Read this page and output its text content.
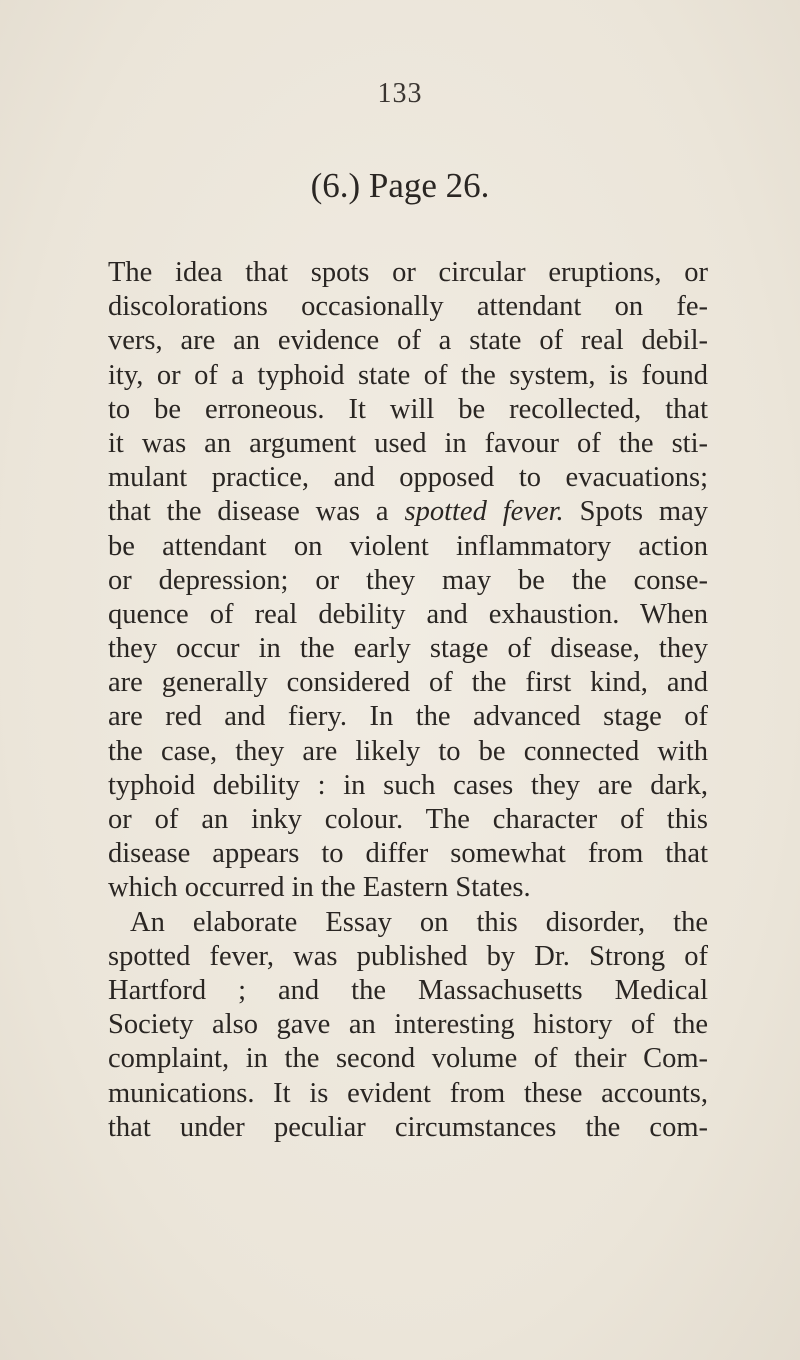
133
(6.) Page 26.
The idea that spots or circular eruptions, or
discolorations occasionally attendant on fe-
vers, are an evidence of a state of real debil-
ity, or of a typhoid state of the system, is found
to be erroneous. It will be recollected, that
it was an argument used in favour of the sti-
mulant practice, and opposed to evacuations;
that the disease was a spotted fever. Spots may
be attendant on violent inflammatory action
or depression; or they may be the conse-
quence of real debility and exhaustion. When
they occur in the early stage of disease, they
are generally considered of the first kind, and
are red and fiery. In the advanced stage of
the case, they are likely to be connected with
typhoid debility : in such cases they are dark,
or of an inky colour. The character of this
disease appears to differ somewhat from that
which occurred in the Eastern States.
An elaborate Essay on this disorder, the
spotted fever, was published by Dr. Strong of
Hartford ; and the Massachusetts Medical
Society also gave an interesting history of the
complaint, in the second volume of their Com-
munications. It is evident from these accounts,
that under peculiar circumstances the com-
